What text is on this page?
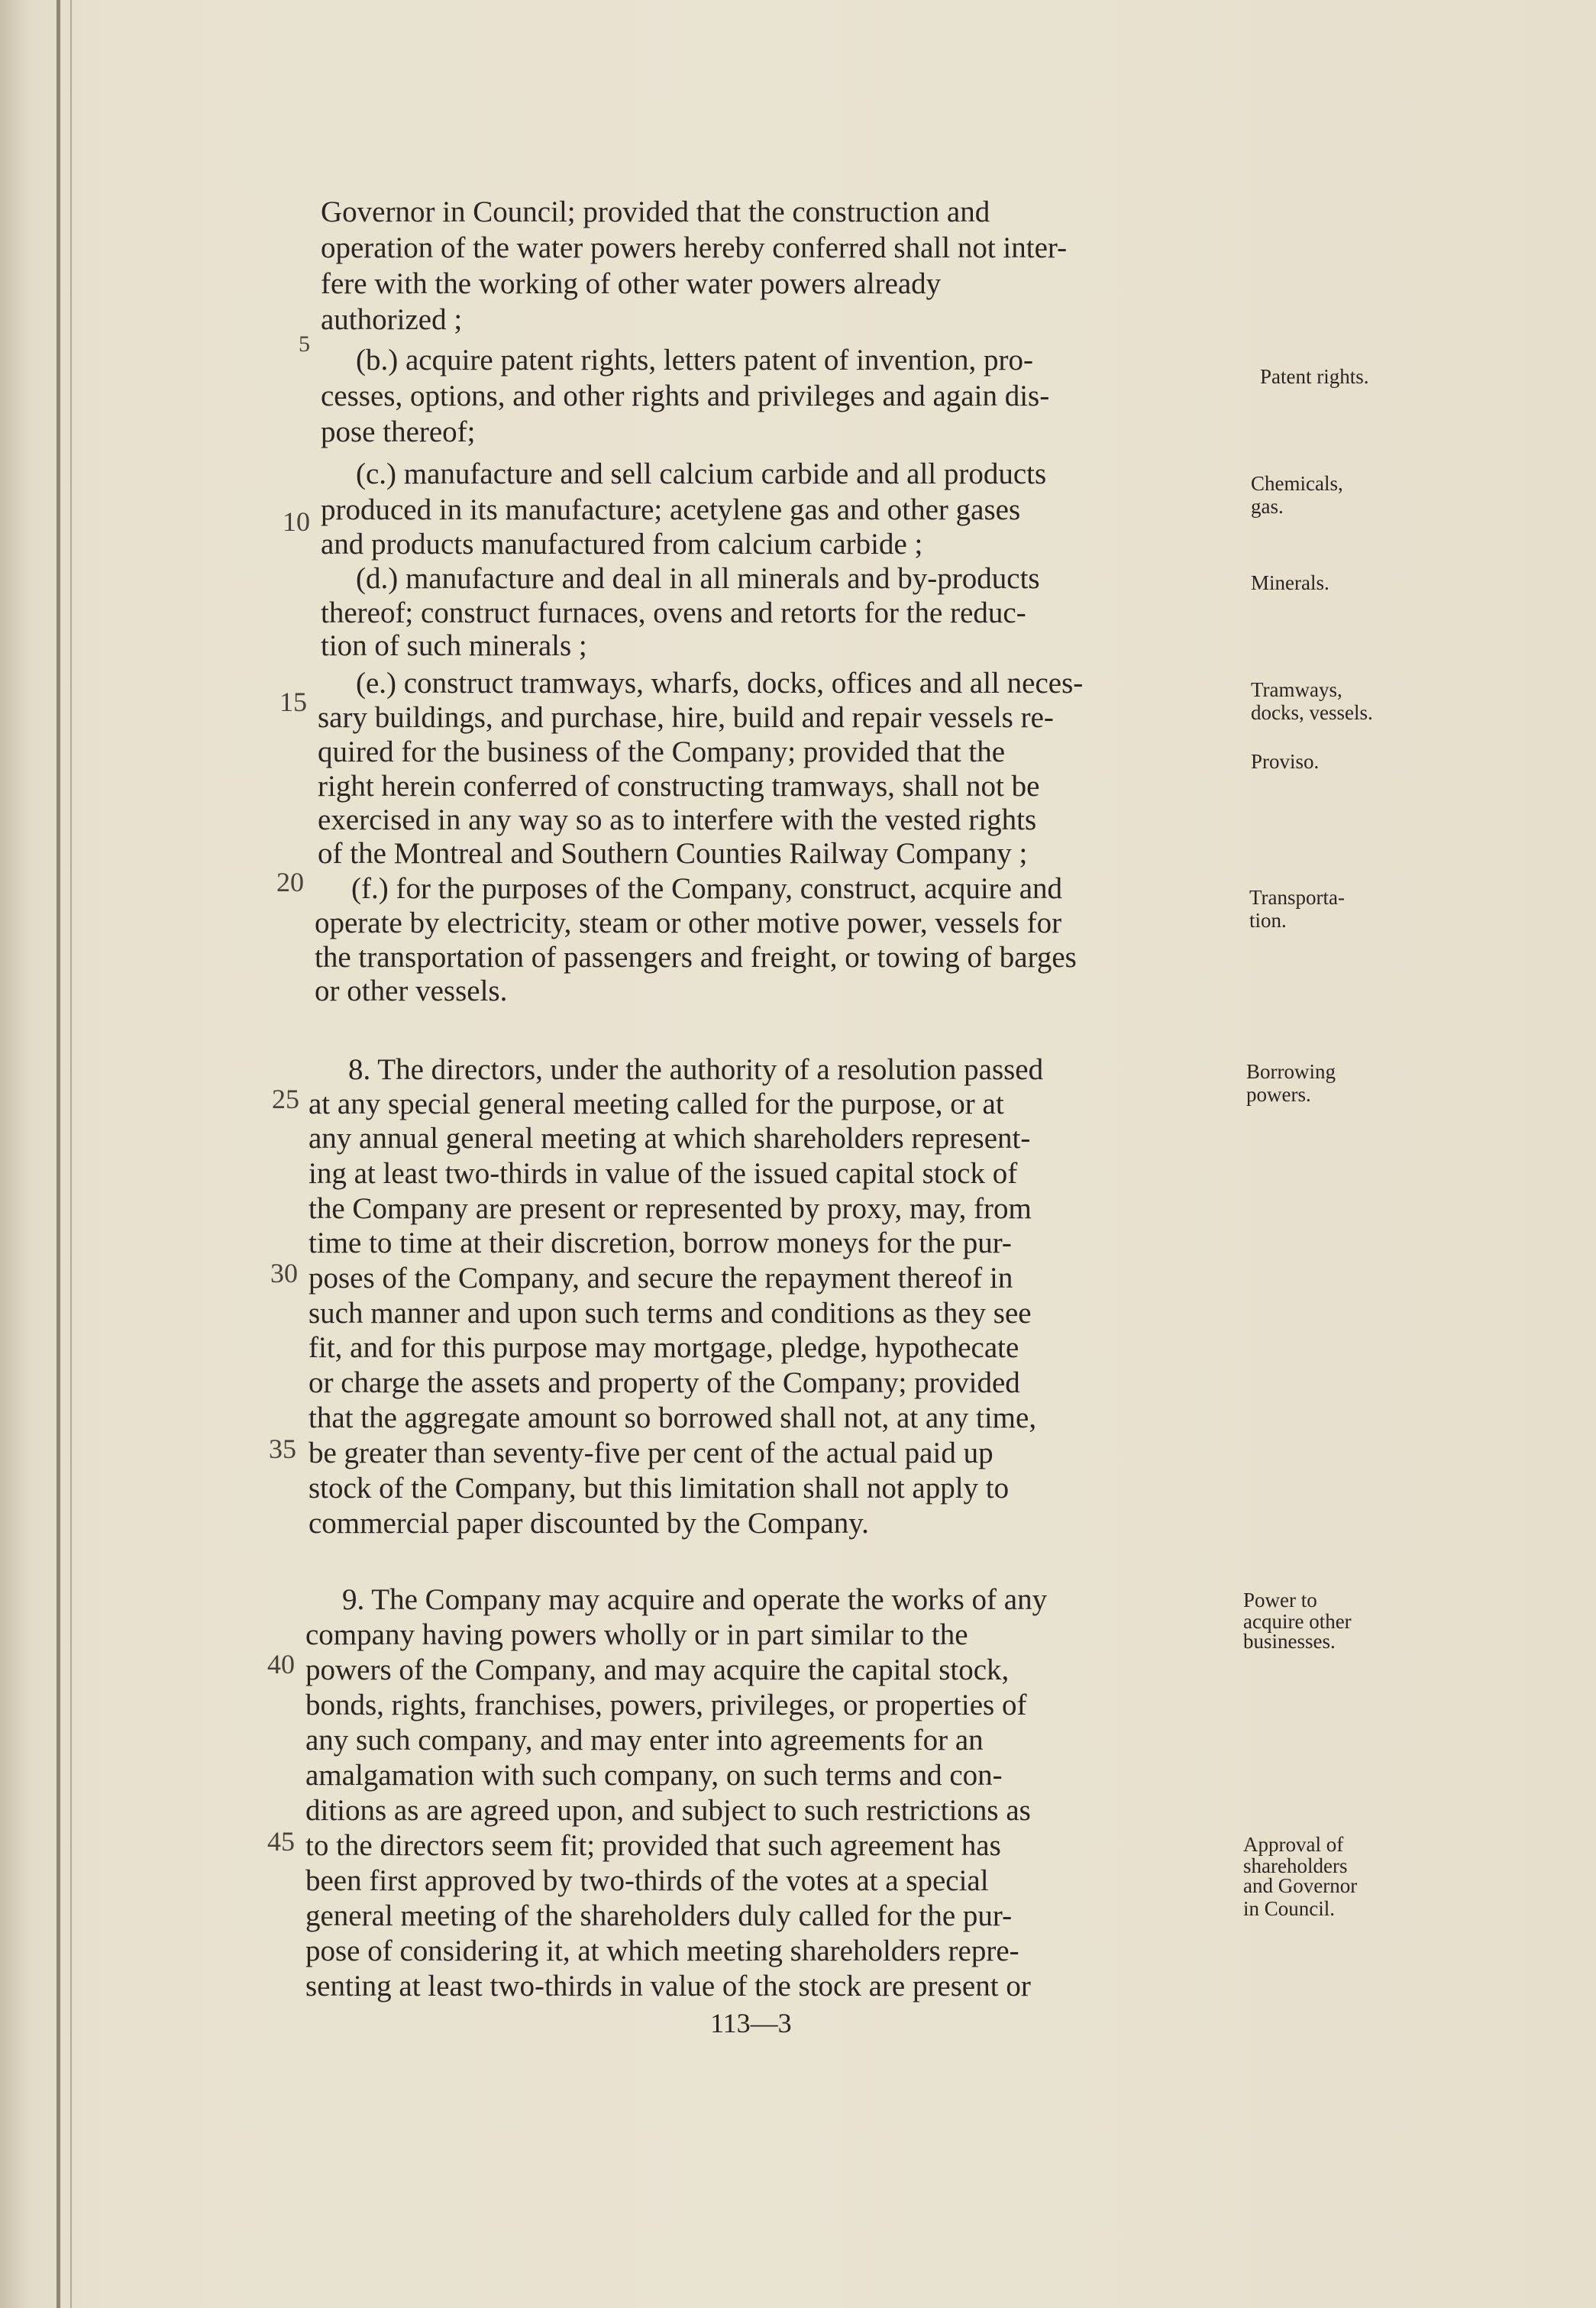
Governor in Council; provided that the construction and
operation of the water powers hereby conferred shall not inter-
fere with the working of other water powers already
authorized ;
(b.) acquire patent rights, letters patent of invention, pro-
cesses, options, and other rights and privileges and again dis-
pose thereof;
(c.) manufacture and sell calcium carbide and all products
produced in its manufacture; acetylene gas and other gases
and products manufactured from calcium carbide ;
(d.) manufacture and deal in all minerals and by-products
thereof; construct furnaces, ovens and retorts for the reduc-
tion of such minerals ;
(e.) construct tramways, wharfs, docks, offices and all neces-
sary buildings, and purchase, hire, build and repair vessels re-
quired for the business of the Company; provided that the
right herein conferred of constructing tramways, shall not be
exercised in any way so as to interfere with the vested rights
of the Montreal and Southern Counties Railway Company ;
(f.) for the purposes of the Company, construct, acquire and
operate by electricity, steam or other motive power, vessels for
the transportation of passengers and freight, or towing of barges
or other vessels.
8. The directors, under the authority of a resolution passed
at any special general meeting called for the purpose, or at
any annual general meeting at which shareholders represent-
ing at least two-thirds in value of the issued capital stock of
the Company are present or represented by proxy, may, from
time to time at their discretion, borrow moneys for the pur-
poses of the Company, and secure the repayment thereof in
such manner and upon such terms and conditions as they see
fit, and for this purpose may mortgage, pledge, hypothecate
or charge the assets and property of the Company; provided
that the aggregate amount so borrowed shall not, at any time,
be greater than seventy-five per cent of the actual paid up
stock of the Company, but this limitation shall not apply to
commercial paper discounted by the Company.
9. The Company may acquire and operate the works of any
company having powers wholly or in part similar to the
powers of the Company, and may acquire the capital stock,
bonds, rights, franchises, powers, privileges, or properties of
any such company, and may enter into agreements for an
amalgamation with such company, on such terms and con-
ditions as are agreed upon, and subject to such restrictions as
to the directors seem fit; provided that such agreement has
been first approved by two-thirds of the votes at a special
general meeting of the shareholders duly called for the pur-
pose of considering it, at which meeting shareholders repre-
senting at least two-thirds in value of the stock are present or
5
10
15
20
25
30
35
40
45
Patent rights.
Chemicals,
gas.
Minerals.
Tramways,
docks, vessels.
Proviso.
Transporta-
tion.
Borrowing
powers.
Power to
acquire other
businesses.
Approval of
shareholders
and Governor
in Council.
113—3
